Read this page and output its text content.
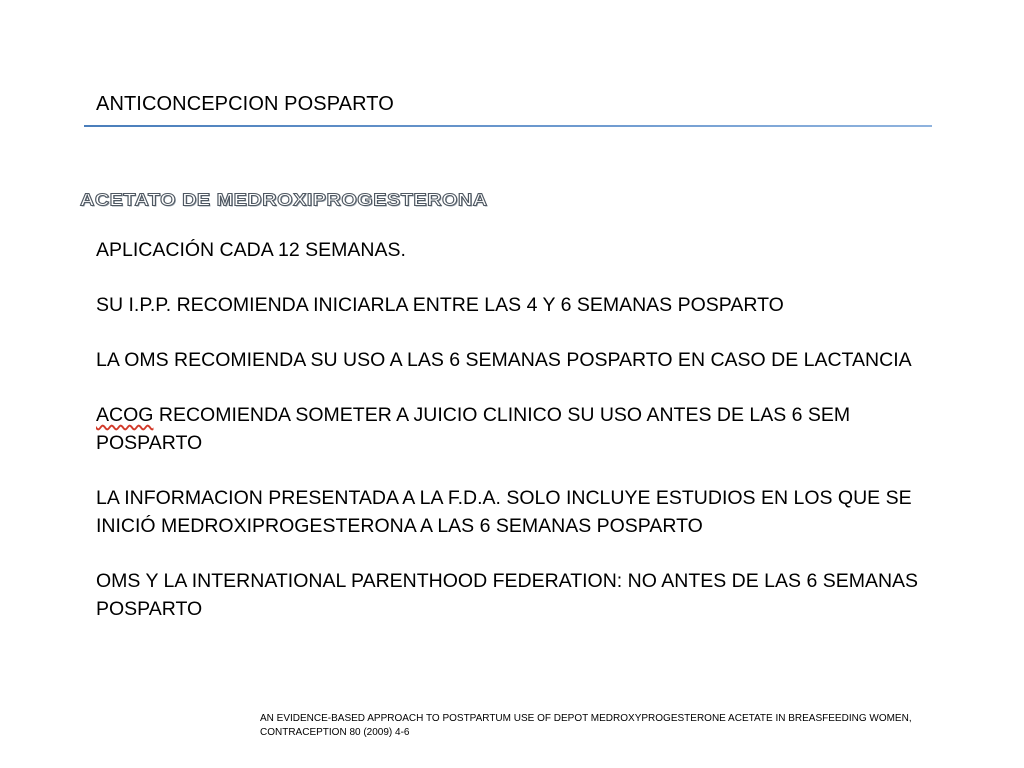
ANTICONCEPCION POSPARTO
ACETATO DE MEDROXIPROGESTERONA

APLICACIÓN CADA 12 SEMANAS.

SU I.P.P. RECOMIENDA INICIARLA ENTRE LAS 4 Y 6 SEMANAS POSPARTO

LA OMS RECOMIENDA SU USO A LAS 6 SEMANAS POSPARTO EN CASO DE LACTANCIA

ACOG RECOMIENDA SOMETER A JUICIO CLINICO SU USO ANTES DE LAS 6 SEM POSPARTO

LA INFORMACION PRESENTADA A LA F.D.A. SOLO INCLUYE ESTUDIOS EN LOS QUE SE INICIÓ MEDROXIPROGESTERONA A LAS 6 SEMANAS POSPARTO

OMS Y LA INTERNATIONAL PARENTHOOD FEDERATION: NO ANTES DE LAS 6 SEMANAS POSPARTO

AN EVIDENCE-BASED APPROACH TO POSTPARTUM USE OF DEPOT MEDROXYPROGESTERONE ACETATE IN BREASFEEDING WOMEN,
CONTRACEPTION 80 (2009) 4-6
